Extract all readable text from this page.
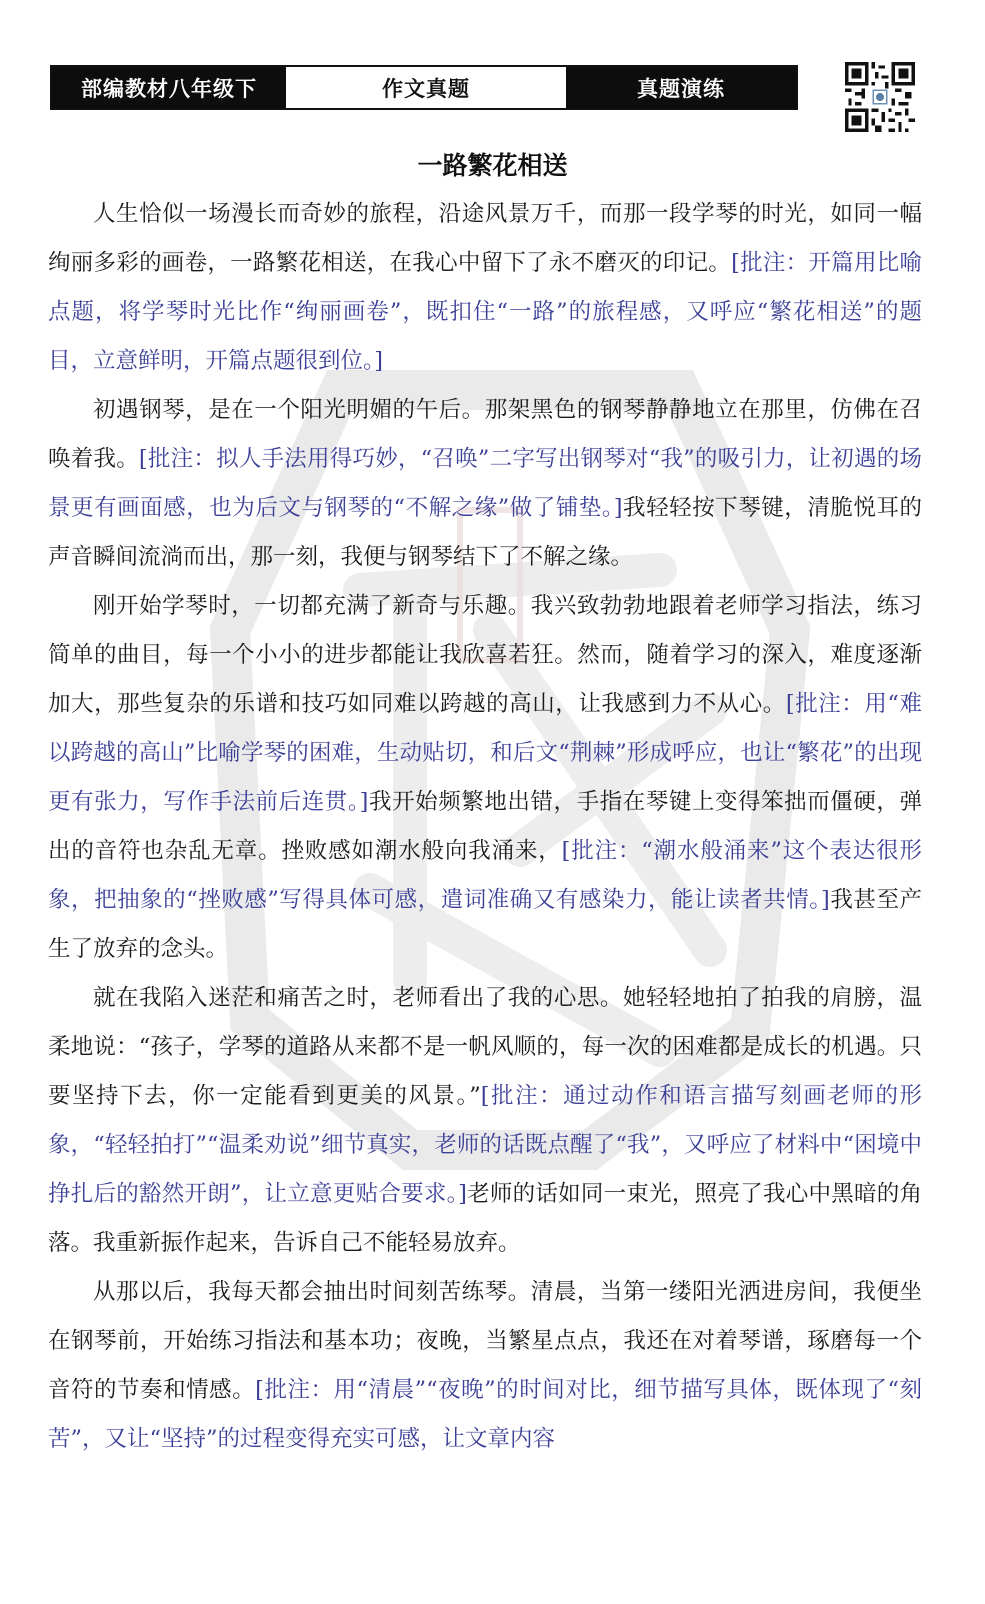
部编教材八年级下	作文真题	真题演练
一路繁花相送

人生恰似一场漫长而奇妙的旅程，沿途风景万千，而那一段学琴的时光，如同一幅绚丽多彩的画卷，一路繁花相送，在我心中留下了永不磨灭的印记。[批注：开篇用比喻点题，将学琴时光比作“绚丽画卷”，既扣住“一路”的旅程感，又呼应“繁花相送”的题目，立意鲜明，开篇点题很到位。]

初遇钢琴，是在一个阳光明媚的午后。那架黑色的钢琴静静地立在那里，仿佛在召唤着我。[批注：拟人手法用得巧妙，“召唤”二字写出钢琴对“我”的吸引力，让初遇的场景更有画面感，也为后文与钢琴的“不解之缘”做了铺垫。]我轻轻按下琴键，清脆悦耳的声音瞬间流淌而出，那一刻，我便与钢琴结下了不解之缘。

刚开始学琴时，一切都充满了新奇与乐趣。我兴致勃勃地跟着老师学习指法，练习简单的曲目，每一个小小的进步都能让我欣喜若狂。然而，随着学习的深入，难度逐渐加大，那些复杂的乐谱和技巧如同难以跨越的高山，让我感到力不从心。[批注：用“难以跨越的高山”比喻学琴的困难，生动贴切，和后文“荆棘”形成呼应，也让“繁花”的出现更有张力，写作手法前后连贯。]我开始频繁地出错，手指在琴键上变得笨拙而僵硬，弹出的音符也杂乱无章。挫败感如潮水般向我涌来，[批注：“潮水般涌来”这个表达很形象，把抽象的“挫败感”写得具体可感，遣词准确又有感染力，能让读者共情。]我甚至产生了放弃的念头。

就在我陷入迷茫和痛苦之时，老师看出了我的心思。她轻轻地拍了拍我的肩膀，温柔地说：“孩子，学琴的道路从来都不是一帆风顺的，每一次的困难都是成长的机遇。只要坚持下去，你一定能看到更美的风景。”[批注：通过动作和语言描写刻画老师的形象，“轻轻拍打”“温柔劝说”细节真实，老师的话既点醒了“我”，又呼应了材料中“困境中挣扎后的豁然开朗”，让立意更贴合要求。]老师的话如同一束光，照亮了我心中黑暗的角落。我重新振作起来，告诉自己不能轻易放弃。

从那以后，我每天都会抽出时间刻苦练琴。清晨，当第一缕阳光洒进房间，我便坐在钢琴前，开始练习指法和基本功；夜晚，当繁星点点，我还在对着琴谱，琢磨每一个音符的节奏和情感。[批注：用“清晨”“夜晚”的时间对比，细节描写具体，既体现了“刻苦”，又让“坚持”的过程变得充实可感，让文章内容
